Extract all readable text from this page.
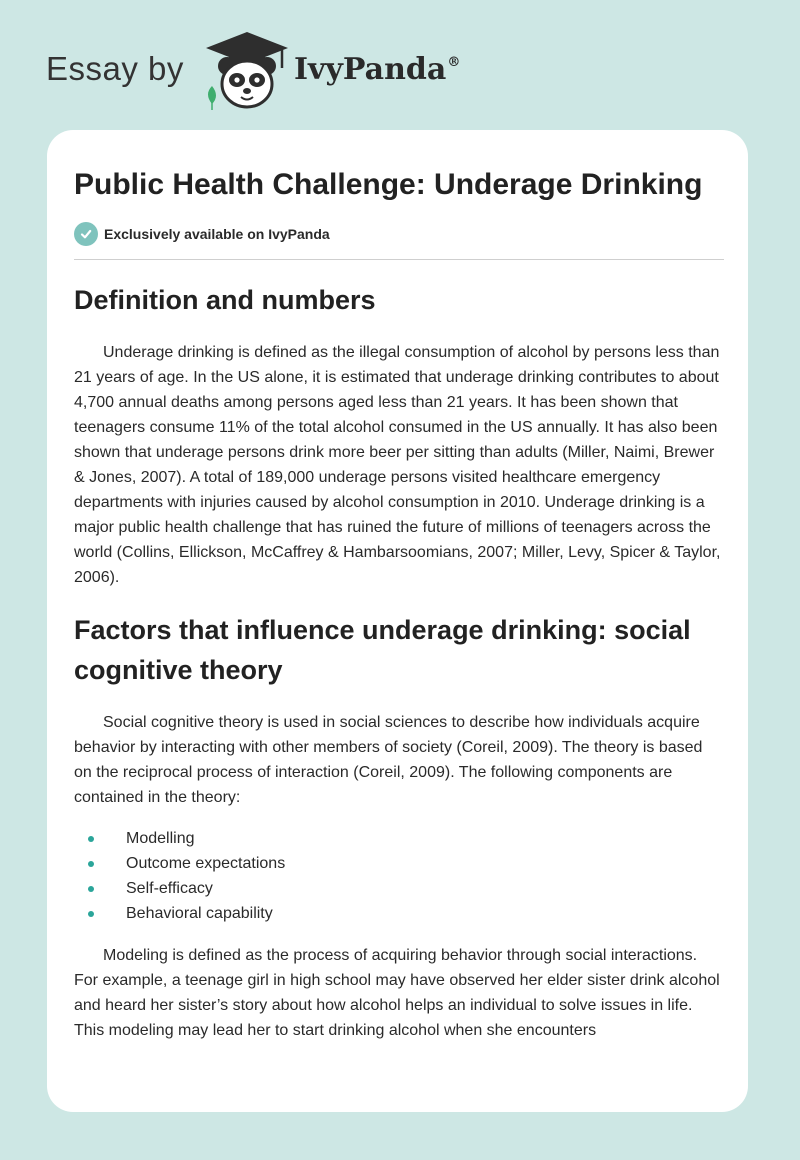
Essay by	IvyPanda®
Public Health Challenge: Underage Drinking
Exclusively available on IvyPanda
Definition and numbers

Underage drinking is defined as the illegal consumption of alcohol by persons less than 21 years of age. In the US alone, it is estimated that underage drinking contributes to about 4,700 annual deaths among persons aged less than 21 years. It has been shown that teenagers consume 11% of the total alcohol consumed in the US annually. It has also been shown that underage persons drink more beer per sitting than adults (Miller, Naimi, Brewer & Jones, 2007). A total of 189,000 underage persons visited healthcare emergency departments with injuries caused by alcohol consumption in 2010. Underage drinking is a major public health challenge that has ruined the future of millions of teenagers across the world (Collins, Ellickson, McCaffrey & Hambarsoomians, 2007; Miller, Levy, Spicer & Taylor, 2006).

Factors that influence underage drinking: social cognitive theory

Social cognitive theory is used in social sciences to describe how individuals acquire behavior by interacting with other members of society (Coreil, 2009). The theory is based on the reciprocal process of interaction (Coreil, 2009). The following components are contained in the theory:

Modelling
Outcome expectations
Self-efficacy
Behavioral capability

Modeling is defined as the process of acquiring behavior through social interactions. For example, a teenage girl in high school may have observed her elder sister drink alcohol and heard her sister’s story about how alcohol helps an individual to solve issues in life. This modeling may lead her to start drinking alcohol when she encounters
